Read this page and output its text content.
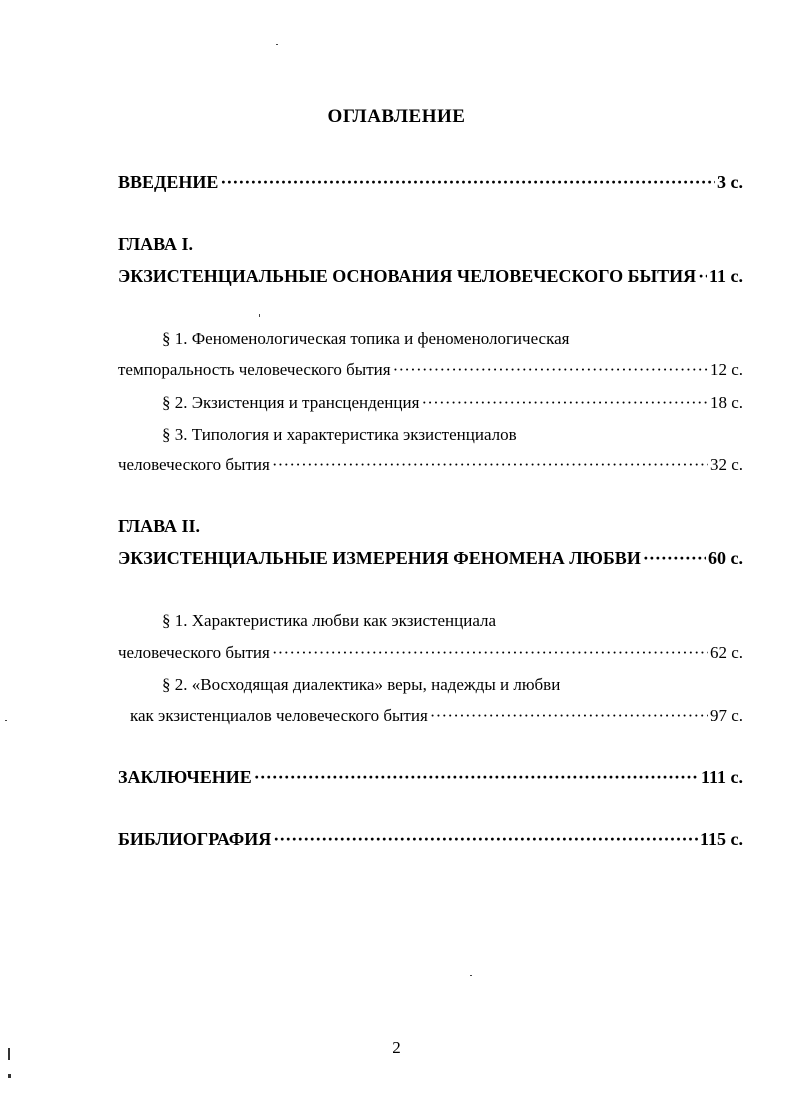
ОГЛАВЛЕНИЕ
ВВЕДЕНИЕ ·····	3 с.
ГЛАВА I.
ЭКЗИСТЕНЦИАЛЬНЫЕ ОСНОВАНИЯ ЧЕЛОВЕЧЕСКОГО БЫТИЯ ····· 11 с.
§ 1. Феноменологическая топика и феноменологическая
темпоральность человеческого бытия ·····	12 с.
§ 2. Экзистенция и трансценденция ·····	18 с.
§ 3. Типология и характеристика экзистенциалов
человеческого бытия ·····	32 с.
ГЛАВА II.
ЭКЗИСТЕНЦИАЛЬНЫЕ ИЗМЕРЕНИЯ ФЕНОМЕНА ЛЮБВИ ·····	60 с.
§ 1. Характеристика любви как экзистенциала
человеческого бытия ·····	62 с.
§ 2. «Восходящая диалектика» веры, надежды и любви
как экзистенциалов человеческого бытия ·····	97 с.
ЗАКЛЮЧЕНИЕ ·····	111 с.
БИБЛИОГРАФИЯ ·····	115 с.
2
